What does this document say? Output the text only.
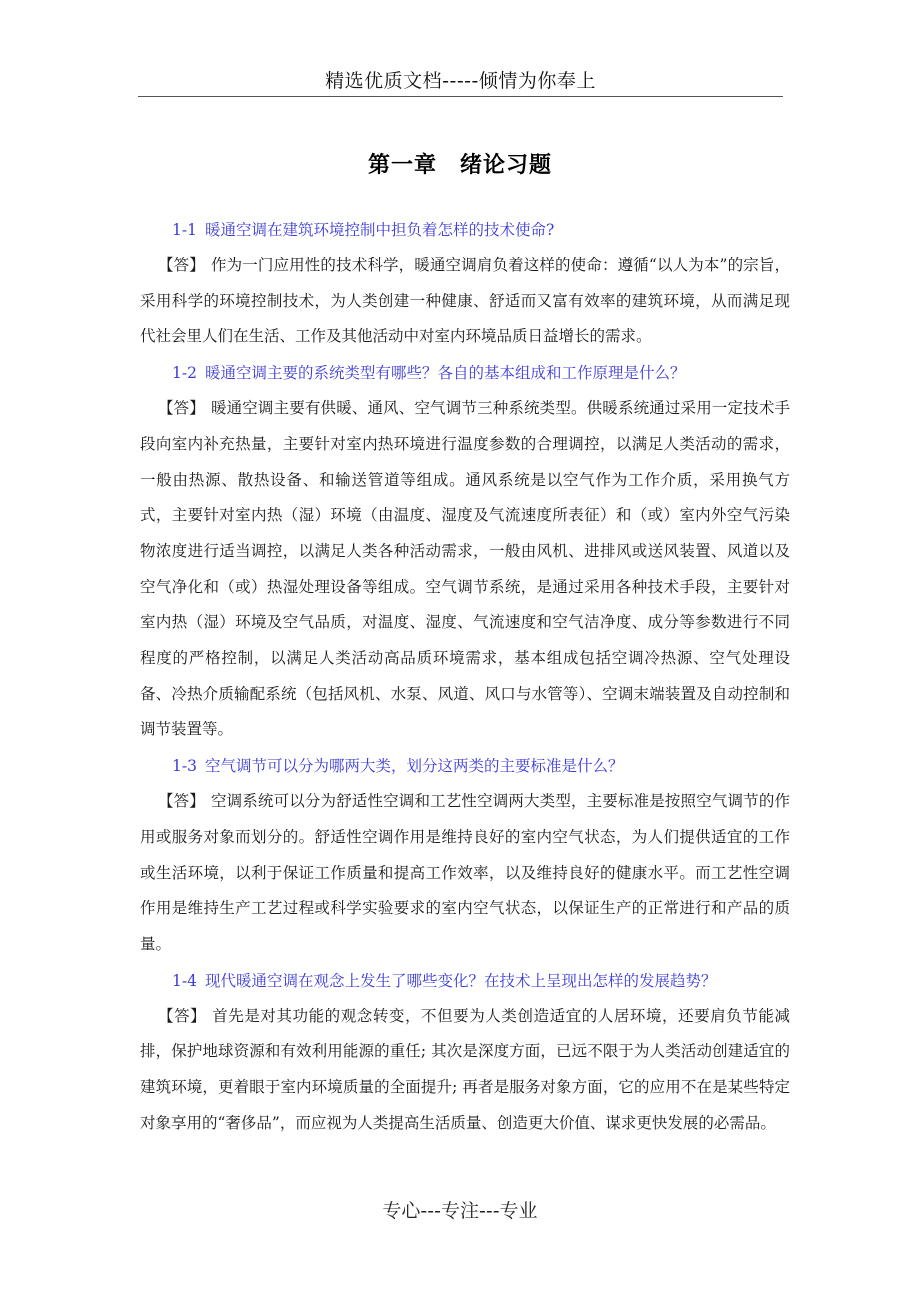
精选优质文档-----倾情为你奉上
第一章　绪论习题

1-1 暖通空调在建筑环境控制中担负着怎样的技术使命?

【答】 作为一门应用性的技术科学，暖通空调肩负着这样的使命：遵循“以人为本”的宗旨，采用科学的环境控制技术，为人类创建一种健康、舒适而又富有效率的建筑环境，从而满足现代社会里人们在生活、工作及其他活动中对室内环境品质日益增长的需求。

1-2 暖通空调主要的系统类型有哪些？各自的基本组成和工作原理是什么？

【答】 暖通空调主要有供暖、通风、空气调节三种系统类型。供暖系统通过采用一定技术手段向室内补充热量，主要针对室内热环境进行温度参数的合理调控，以满足人类活动的需求，一般由热源、散热设备、和输送管道等组成。通风系统是以空气作为工作介质，采用换气方式，主要针对室内热（湿）环境（由温度、湿度及气流速度所表征）和（或）室内外空气污染物浓度进行适当调控，以满足人类各种活动需求，一般由风机、进排风或送风装置、风道以及空气净化和（或）热湿处理设备等组成。空气调节系统，是通过采用各种技术手段，主要针对室内热（湿）环境及空气品质，对温度、湿度、气流速度和空气洁净度、成分等参数进行不同程度的严格控制，以满足人类活动高品质环境需求，基本组成包括空调冷热源、空气处理设备、冷热介质输配系统（包括风机、水泵、风道、风口与水管等）、空调末端装置及自动控制和调节装置等。

1-3 空气调节可以分为哪两大类，划分这两类的主要标准是什么？

【答】 空调系统可以分为舒适性空调和工艺性空调两大类型，主要标准是按照空气调节的作用或服务对象而划分的。舒适性空调作用是维持良好的室内空气状态，为人们提供适宜的工作或生活环境，以利于保证工作质量和提高工作效率，以及维持良好的健康水平。而工艺性空调作用是维持生产工艺过程或科学实验要求的室内空气状态，以保证生产的正常进行和产品的质量。

1-4 现代暖通空调在观念上发生了哪些变化？在技术上呈现出怎样的发展趋势？

【答】 首先是对其功能的观念转变，不但要为人类创造适宜的人居环境，还要肩负节能减排，保护地球资源和有效利用能源的重任; 其次是深度方面，已远不限于为人类活动创建适宜的建筑环境，更着眼于室内环境质量的全面提升; 再者是服务对象方面，它的应用不在是某些特定对象享用的“奢侈品”，而应视为人类提高生活质量、创造更大价值、谋求更快发展的必需品。

专心---专注---专业
